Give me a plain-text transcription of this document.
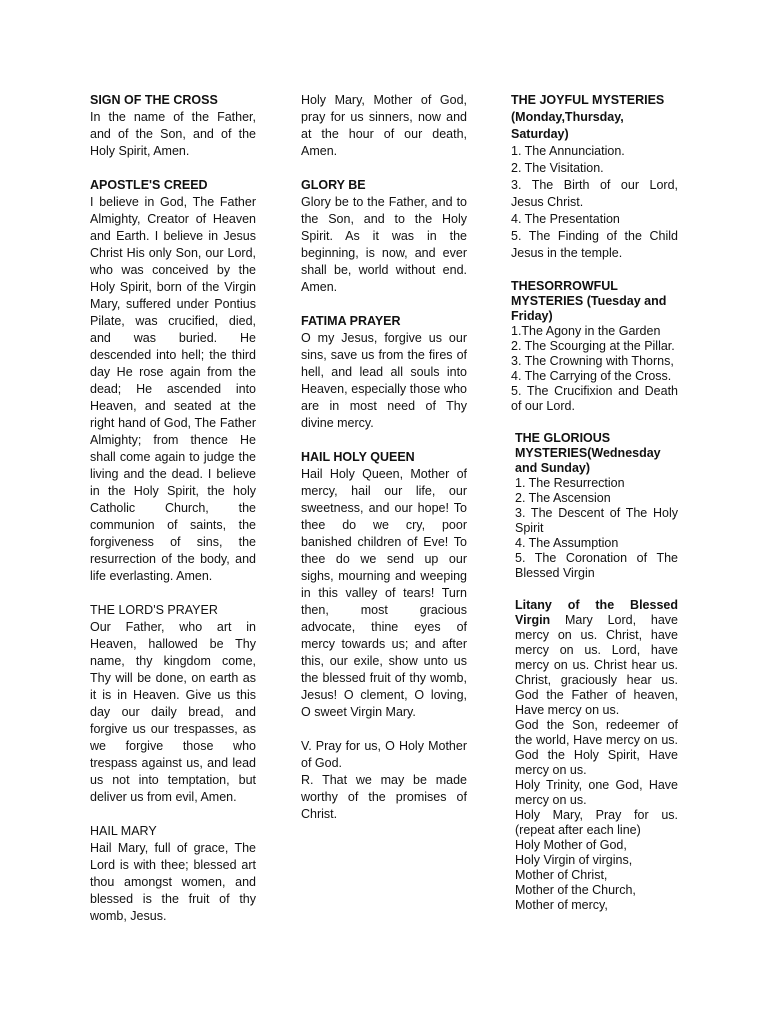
SIGN OF THE CROSS

In the name of the Father, and of the Son, and of the Holy Spirit, Amen.

APOSTLE'S CREED

I believe in God, The Father Almighty, Creator of Heaven and Earth. I believe in Jesus Christ His only Son, our Lord, who was conceived by the Holy Spirit, born of the Virgin Mary, suffered under Pontius Pilate, was crucified, died, and was buried. He descended into hell; the third day He rose again from the dead; He ascended into Heaven, and seated at the right hand of God, The Father Almighty; from thence He shall come again to judge the living and the dead. I believe in the Holy Spirit, the holy Catholic Church, the communion of saints, the forgiveness of sins, the resurrection of the body, and life everlasting. Amen.

THE LORD'S PRAYER

Our Father, who art in Heaven, hallowed be Thy name, thy kingdom come, Thy will be done, on earth as it is in Heaven. Give us this day our daily bread, and forgive us our trespasses, as we forgive those who trespass against us, and lead us not into temptation, but deliver us from evil, Amen.

HAIL MARY

Hail Mary, full of grace, The Lord is with thee; blessed art thou amongst women, and blessed is the fruit of thy womb, Jesus.

Holy Mary, Mother of God, pray for us sinners, now and at the hour of our death, Amen.

GLORY BE

Glory be to the Father, and to the Son, and to the Holy Spirit. As it was in the beginning, is now, and ever shall be, world without end. Amen.

FATIMA PRAYER

O my Jesus, forgive us our sins, save us from the fires of hell, and lead all souls into Heaven, especially those who are in most need of Thy divine mercy.

HAIL HOLY QUEEN

Hail Holy Queen, Mother of mercy, hail our life, our sweetness, and our hope! To thee do we cry, poor banished children of Eve! To thee do we send up our sighs, mourning and weeping in this valley of tears! Turn then, most gracious advocate, thine eyes of mercy towards us; and after this, our exile, show unto us the blessed fruit of thy womb, Jesus! O clement, O loving, O sweet Virgin Mary.

V. Pray for us, O Holy Mother of God.

R. That we may be made worthy of the promises of Christ.

THE JOYFUL MYSTERIES

(Monday,Thursday, Saturday)

1. The Annunciation.
2. The Visitation.
3. The Birth of our Lord, Jesus Christ.
4. The Presentation
5. The Finding of the Child Jesus in the temple.

THESORROWFUL MYSTERIES (Tuesday and Friday)

1.The Agony in the Garden
2. The Scourging at the Pillar.
3. The Crowning with Thorns,
4. The Carrying of the Cross.
5. The Crucifixion and Death of our Lord.

THE GLORIOUS MYSTERIES(Wednesday and Sunday)

1. The Resurrection
2. The Ascension
3. The Descent of The Holy Spirit
4. The Assumption
5. The Coronation of The Blessed Virgin

Litany of the Blessed Virgin Mary Lord, have mercy on us. Christ, have mercy on us. Lord, have mercy on us. Christ hear us. Christ, graciously hear us. God the Father of heaven, Have mercy on us.
God the Son, redeemer of the world, Have mercy on us. God the Holy Spirit, Have mercy on us.
Holy Trinity, one God, Have mercy on us.
Holy Mary, Pray for us. (repeat after each line)
Holy Mother of God,
Holy Virgin of virgins,
Mother of Christ,
Mother of the Church,
Mother of mercy,
